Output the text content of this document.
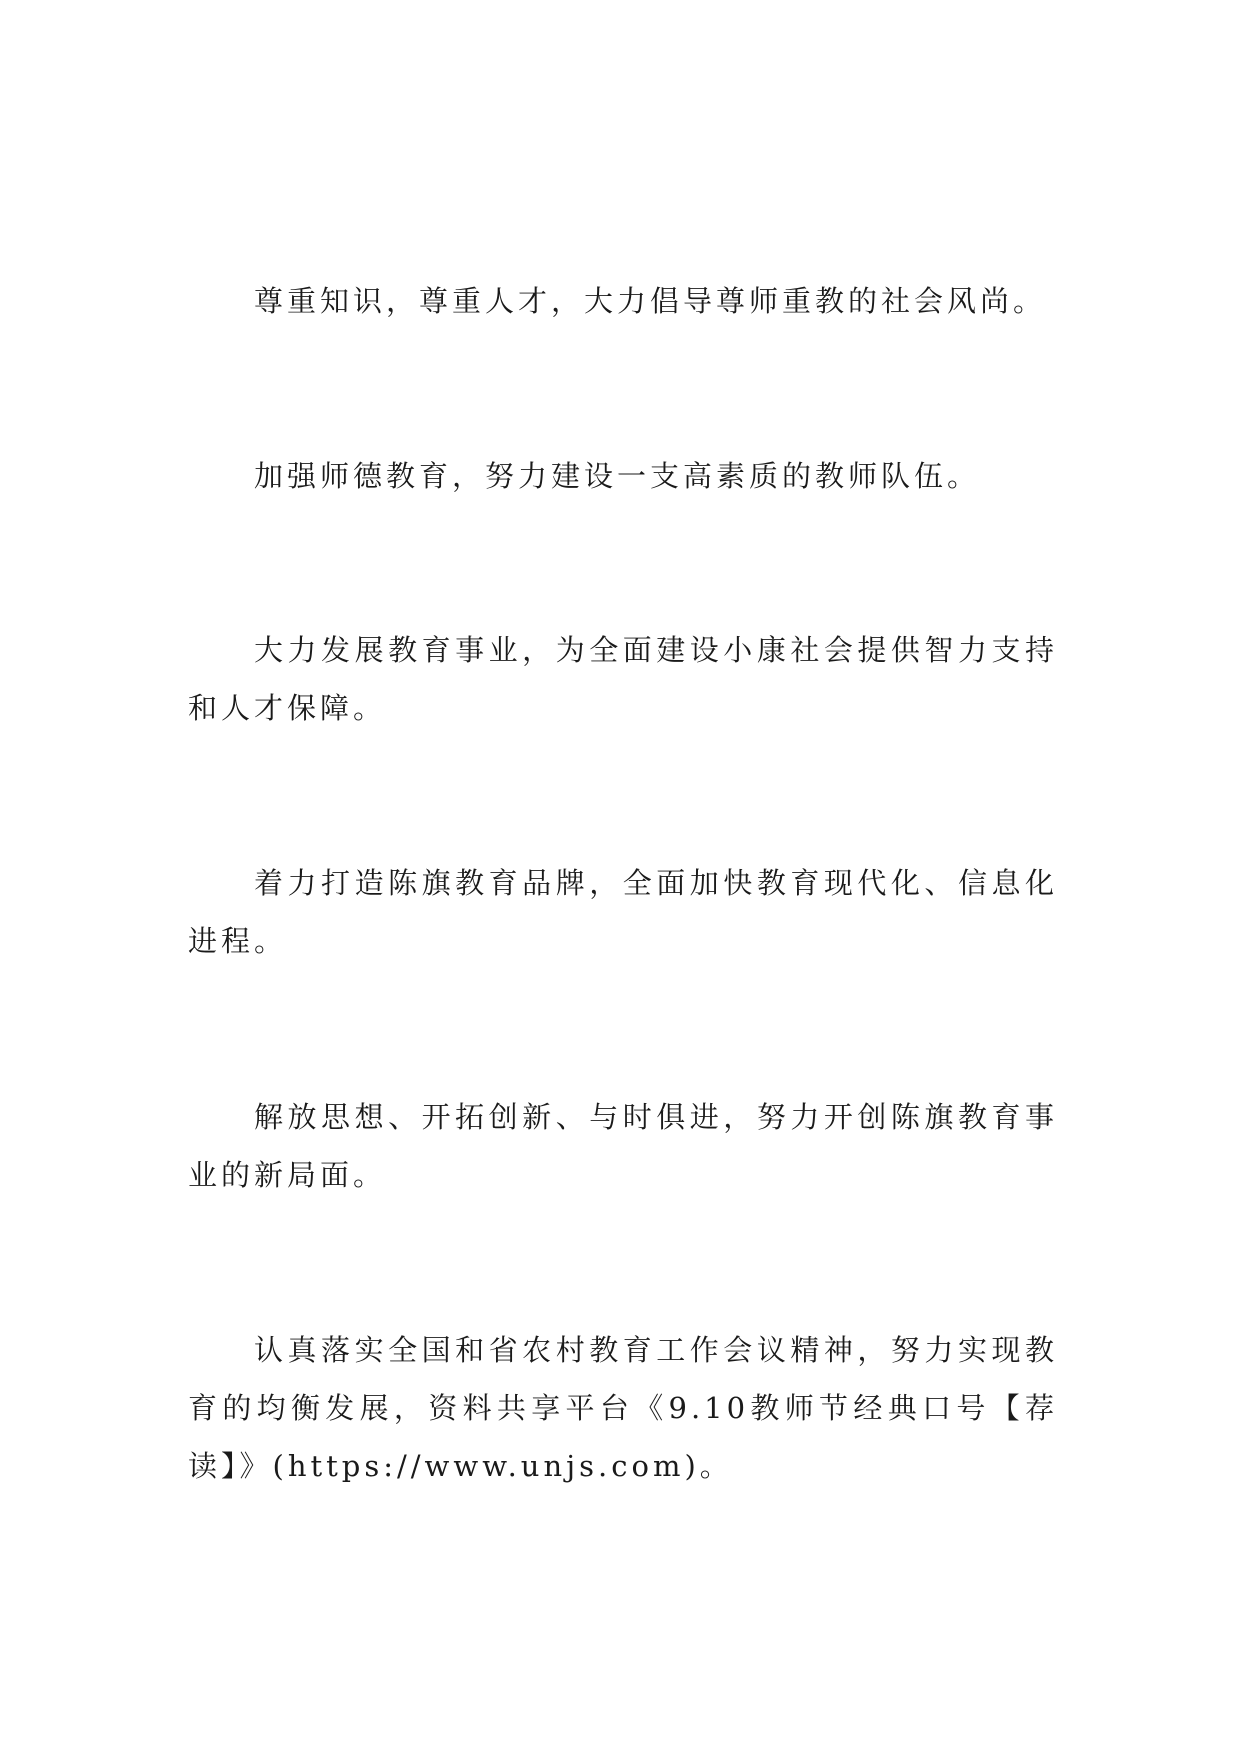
尊重知识，尊重人才，大力倡导尊师重教的社会风尚。

加强师德教育，努力建设一支高素质的教师队伍。

大力发展教育事业，为全面建设小康社会提供智力支持和人才保障。

着力打造陈旗教育品牌，全面加快教育现代化、信息化进程。

解放思想、开拓创新、与时俱进，努力开创陈旗教育事业的新局面。

认真落实全国和省农村教育工作会议精神，努力实现教育的均衡发展，资料共享平台《9.10教师节经典口号【荐读】》(https://www.unjs.com)。
